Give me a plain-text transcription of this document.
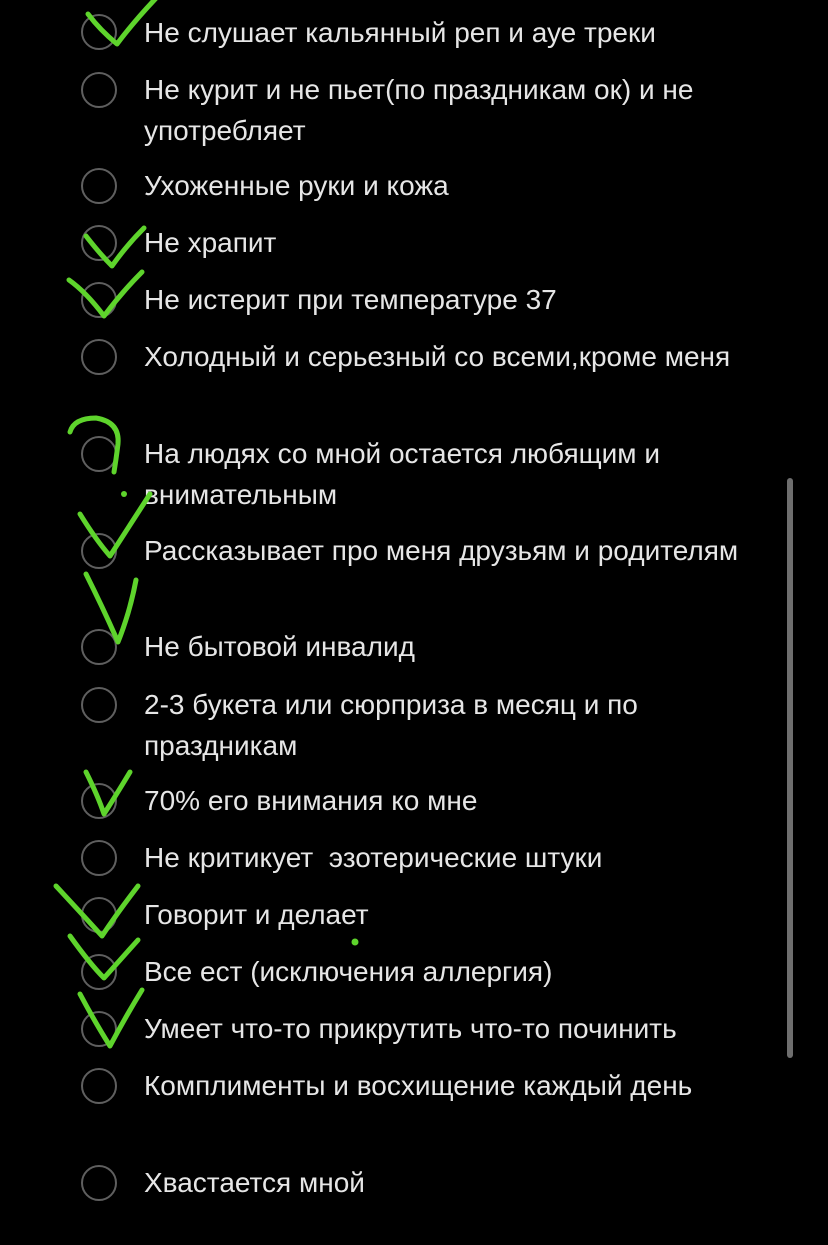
Не слушает кальянный реп и ауе треки
Не курит и не пьет(по праздникам ок) и не употребляет
Ухоженные руки и кожа
Не храпит
Не истерит при температуре 37
Холодный и серьезный со всеми,кроме меня
На людях со мной остается любящим и внимательным
Рассказывает про меня друзьям и родителям
Не бытовой инвалид
2-3 букета или сюрприза в месяц и по праздникам
70% его внимания ко мне
Не критикует  эзотерические штуки
Говорит и делает
Все ест (исключения аллергия)
Умеет что-то прикрутить что-то починить
Комплименты и восхищение каждый день
Хвастается мной
